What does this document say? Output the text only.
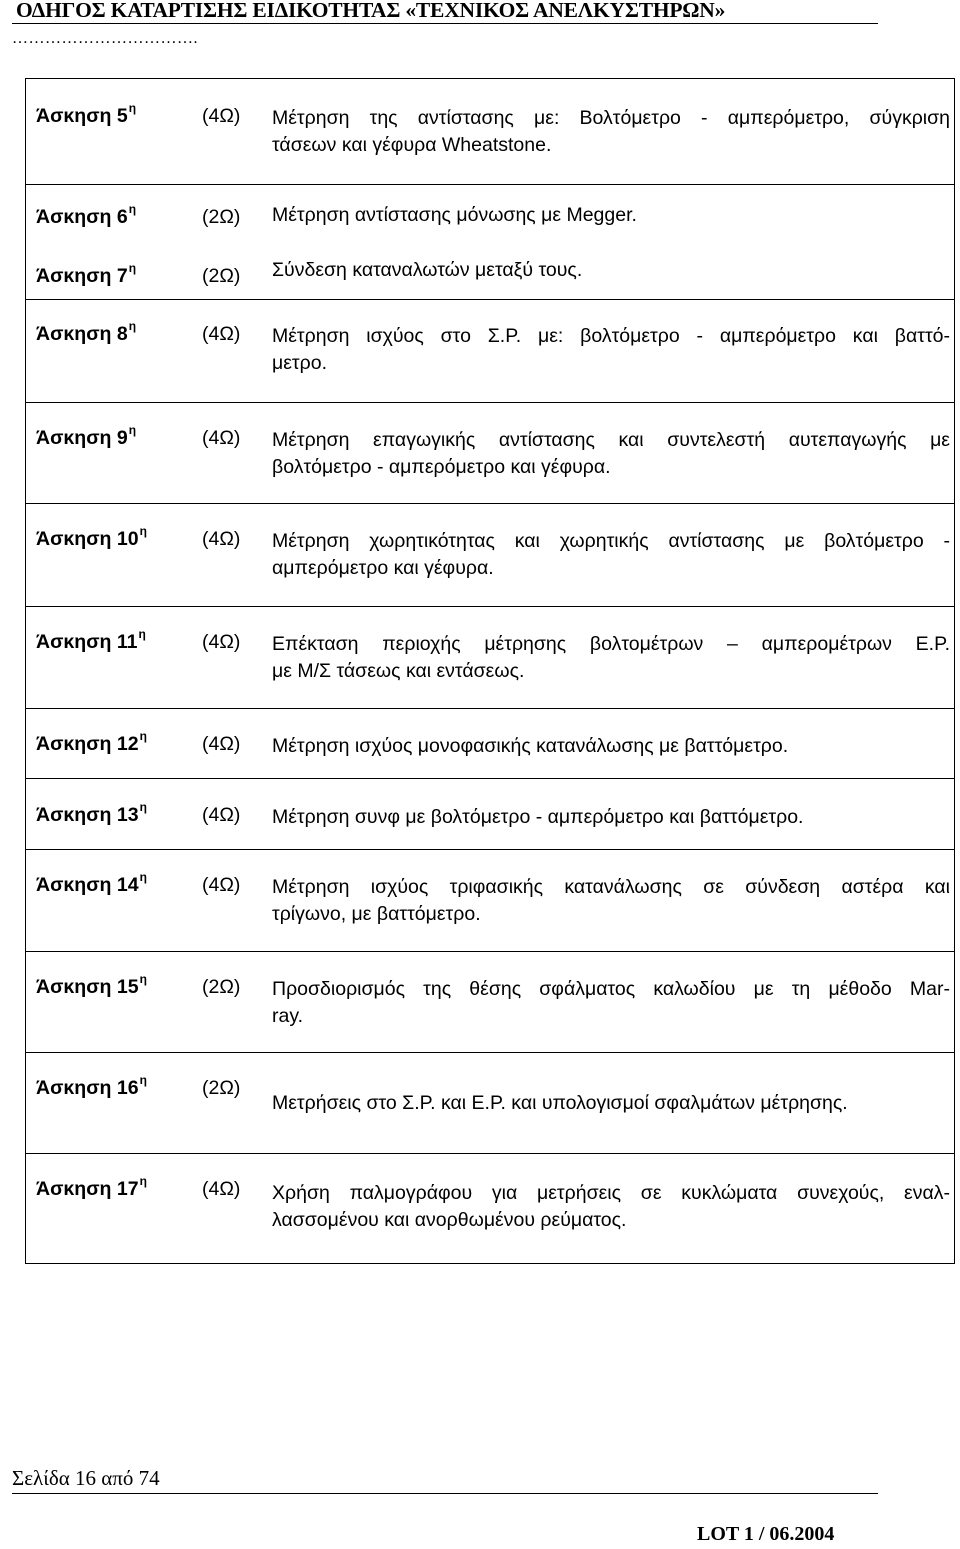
ΟΔΗΓΟΣ ΚΑΤΑΡΤΙΣΗΣ ΕΙΔΙΚΟΤΗΤΑΣ «ΤΕΧΝΙΚΟΣ ΑΝΕΛΚΥΣΤΗΡΩΝ»
…………………………….
Άσκηση $5^\eta$	(4Ω) Μέτρηση της αντίστασης με: Βολτόμετρο - αμπερόμετρο, σύγκριση
τάσεων και γέφυρα Wheatstone.
Άσκηση $6^\eta$	(2Ω) Μέτρηση αντίστασης μόνωσης με Megger.
Άσκηση $7^\eta$	(2Ω) Σύνδεση καταναλωτών μεταξύ τους.
Άσκηση $8^\eta$	(4Ω) Μέτρηση ισχύος στο Σ.Ρ. με: βολτόμετρο - αμπερόμετρο και βαττό-
μετρο.
Άσκηση $9^\eta$	(4Ω) Μέτρηση επαγωγικής αντίστασης και συντελεστή αυτεπαγωγής με
βολτόμετρο - αμπερόμετρο και γέφυρα.
Άσκηση $10^\eta$	(4Ω) Μέτρηση χωρητικότητας και χωρητικής αντίστασης με βολτόμετρο -
αμπερόμετρο και γέφυρα.
Άσκηση $11^\eta$	(4Ω) Επέκταση περιοχής μέτρησης βολτομέτρων – αμπερομέτρων Ε.Ρ.
με Μ/Σ τάσεως και εντάσεως.
Άσκηση $12^\eta$	(4Ω) Μέτρηση ισχύος μονοφασικής κατανάλωσης με βαττόμετρο.
Άσκηση $13^\eta$	(4Ω) Μέτρηση συνφ με βολτόμετρο - αμπερόμετρο και βαττόμετρο.
Άσκηση $14^\eta$	(4Ω) Μέτρηση ισχύος τριφασικής κατανάλωσης σε σύνδεση αστέρα και
τρίγωνο, με βαττόμετρο.
Άσκηση $15^\eta$	(2Ω) Προσδιορισμός της θέσης σφάλματος καλωδίου με τη μέθοδο Mar-
ray.
Άσκηση $16^\eta$	(2Ω)
Μετρήσεις στο Σ.Ρ. και Ε.Ρ. και υπολογισμοί σφαλμάτων μέτρησης.
Άσκηση $17^\eta$	(4Ω) Χρήση παλμογράφου για μετρήσεις σε κυκλώματα συνεχούς, εναλ-
λασσομένου και ανορθωμένου ρεύματος.
Σελίδα 16 από 74
LOT 1 / 06.2004
